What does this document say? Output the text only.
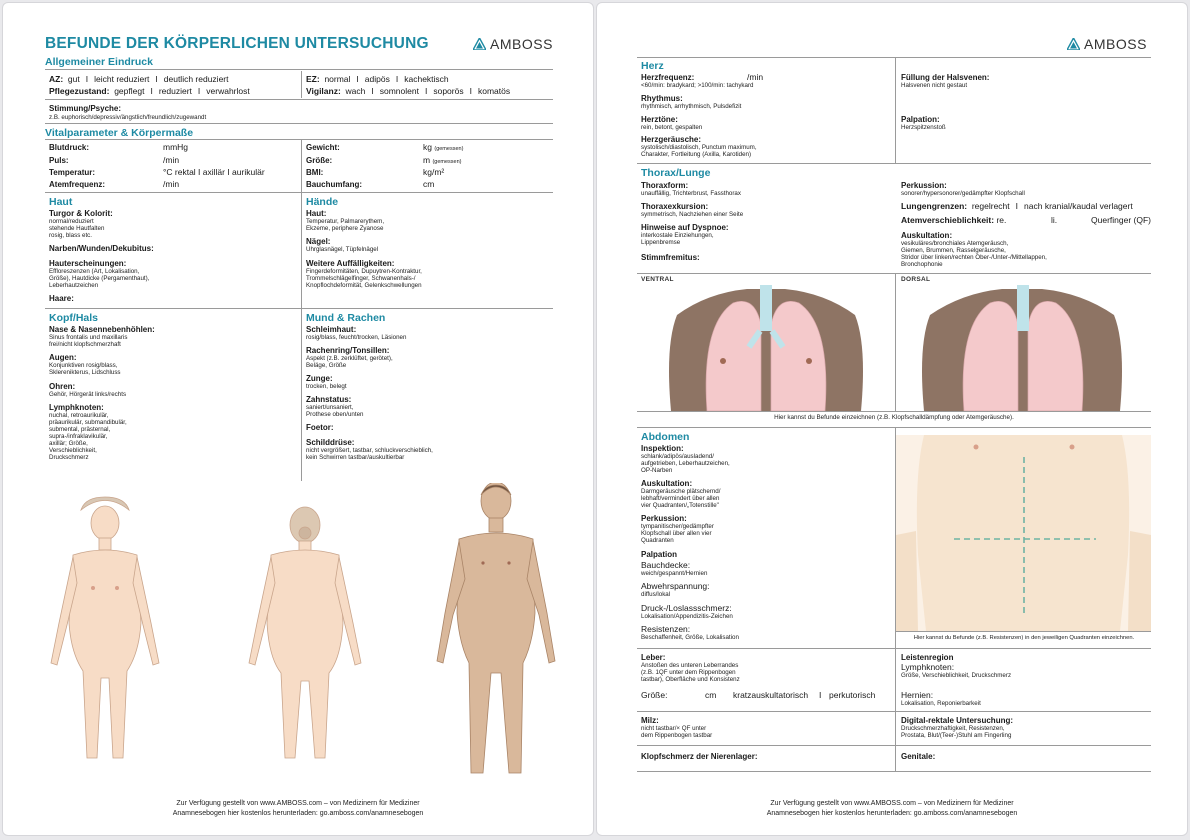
BEFUNDE DER KÖRPERLICHEN UNTERSUCHUNG	AMBOSS
Allgemeiner Eindruck
AZ: gut I leicht reduziert I deutlich reduziert
Pflegezustand: gepflegt I reduziert I verwahrlost
EZ: normal I adipös I kachektisch
Vigilanz: wach I somnolent I soporös I komatös
Stimmung/Psyche:
z.B. euphorisch/depressiv/ängstlich/freundlich/zugewandt
Vitalparameter & Körpermaße
Blutdruck:	mmHg
Puls:	/min
Temperatur:	°C rektal I axillär I aurikulär
Atemfrequenz:	/min
Gewicht:	kg (gemessen)
Größe:	m (gemessen)
BMI:	kg/m²
Bauchumfang:	cm
Haut
Turgor & Kolorit:
normal/reduziert
stehende Hautfalten
rosig, blass etc.
Narben/Wunden/Dekubitus:
Hauterscheinungen:
Effloreszenzen (Art, Lokalisation,
Größe), Hautdicke (Pergamenthaut),
Leberhautzeichen
Haare:
Hände
Haut:
Temperatur, Palmarerythem,
Ekzeme, periphere Zyanose
Nägel:
Uhrglasnägel, Tüpfelnägel
Weitere Auffälligkeiten:
Fingerdeformitäten, Dupuytren-Kontraktur,
Trommelschlägelfinger, Schwanenhals-/
Knopflochdeformität, Gelenkschwellungen
Kopf/Hals
Nase & Nasennebenhöhlen:
Sinus frontalis und maxillaris
frei/nicht klopfschmerzhaft
Augen:
Konjunktiven rosig/blass,
Sklerenikterus, Lidschluss
Ohren:
Gehör, Hörgerät links/rechts
Lymphknoten:
nuchal, retroaurikulär,
präaurikulär, submandibulär,
submental, prästernal,
supra-/infraklavikulär,
axillär; Größe,
Verschieblichkeit,
Druckschmerz
Mund & Rachen
Schleimhaut:
rosig/blass, feucht/trocken, Läsionen
Rachenring/Tonsillen:
Aspekt (z.B. zerklüftet, gerötet),
Beläge, Größe
Zunge:
trocken, belegt
Zahnstatus:
saniert/unsaniert,
Prothese oben/unten
Foetor:
Schilddrüse:
nicht vergrößert, tastbar, schluckverschieblich,
kein Schwirren tastbar/auskultierbar
Zur Verfügung gestellt von www.AMBOSS.com – von Medizinern für Mediziner
Anamnesebogen hier kostenlos herunterladen: go.amboss.com/anamnesebogen
AMBOSS
Herz
Herzfrequenz:	/min
<60/min: bradykard; >100/min: tachykard
Rhythmus:
rhythmisch, arrhythmisch, Pulsdefizit
Herztöne:
rein, betont, gespalten
Herzgeräusche:
systolisch/diastolisch, Punctum maximum,
Charakter, Fortleitung (Axilla, Karotiden)
Füllung der Halsvenen:
Halsvenen nicht gestaut
Palpation:
Herzspitzenstoß
Thorax/Lunge
Thoraxform:
unauffällig, Trichterbrust, Fassthorax
Thoraxexkursion:
symmetrisch, Nachziehen einer Seite
Hinweise auf Dyspnoe:
interkostale Einziehungen,
Lippenbremse
Stimmfremitus:
Perkussion:
sonorer/hypersonorer/gedämpfter Klopfschall
Lungengrenzen: regelrecht I nach kranial/kaudal verlagert
Atemverschieblichkeit: re.	li.	Querfinger (QF)
Auskultation:
vesikuläres/bronchiales Atemgeräusch,
Giemen, Brummen, Rasselgeräusche,
Stridor über linken/rechten Ober-/Unter-/Mittellappen,
Bronchophonie
VENTRAL	DORSAL
Hier kannst du Befunde einzeichnen (z.B. Klopfschalldämpfung oder Atemgeräusche).
Abdomen
Inspektion:
schlank/adipös/ausladend/
aufgetrieben, Leberhautzeichen,
OP-Narben
Auskultation:
Darmgeräusche plätschernd/
lebhaft/vermindert über allen
vier Quadranten/„Totenstille"
Perkussion:
tympanitischer/gedämpfter
Klopfschall über allen vier
Quadranten
Palpation
Bauchdecke:
weich/gespannt/Hernien
Abwehrspannung:
diffus/lokal
Druck-/Loslassschmerz:
Lokalisation/Appendizitis-Zeichen
Resistenzen:
Beschaffenheit, Größe, Lokalisation	Hier kannst du Befunde (z.B. Resistenzen) in den jeweiligen Quadranten einzeichnen.
Leber:
Anstoßen des unteren Leberrandes
(z.B. 1QF unter dem Rippenbogen
tastbar), Oberfläche und Konsistenz
Größe:	cm kratzauskultatorisch I perkutorisch
Leistenregion
Lymphknoten:
Größe, Verschieblichkeit, Druckschmerz
Hernien:
Lokalisation, Reponierbarkeit
Milz:
nicht tastbar/× QF unter
dem Rippenbogen tastbar
Digital-rektale Untersuchung:
Druckschmerzhaftigkeit, Resistenzen,
Prostata, Blut/(Teer-)Stuhl am Fingerling
Klopfschmerz der Nierenlager:	Genitale:
Zur Verfügung gestellt von www.AMBOSS.com – von Medizinern für Mediziner
Anamnesebogen hier kostenlos herunterladen: go.amboss.com/anamnesebogen
